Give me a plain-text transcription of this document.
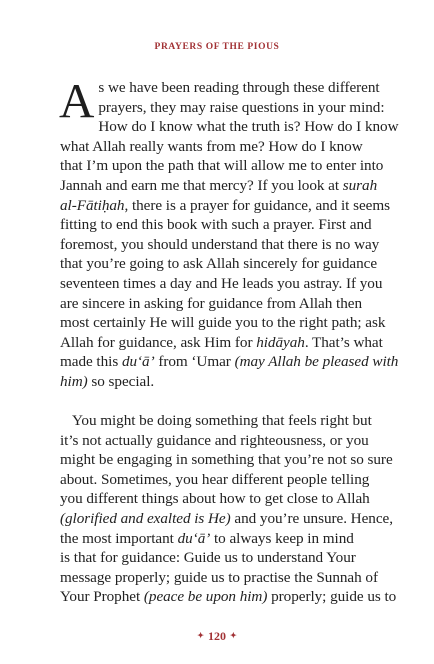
PRAYERS OF THE PIOUS

A s we have been reading through these different
prayers, they may raise questions in your mind:
How do I know what the truth is? How do I know
what Allah really wants from me? How do I know
that I’m upon the path that will allow me to enter into
Jannah and earn me that mercy? If you look at surah
al-Fātiḥah, there is a prayer for guidance, and it seems
fitting to end this book with such a prayer. First and
foremost, you should understand that there is no way
that you’re going to ask Allah sincerely for guidance
seventeen times a day and He leads you astray. If you
are sincere in asking for guidance from Allah then
most certainly He will guide you to the right path; ask
Allah for guidance, ask Him for hidāyah. That’s what
made this du‘ā’ from ‘Umar (may Allah be pleased with
him) so special.

You might be doing something that feels right but
it’s not actually guidance and righteousness, or you
might be engaging in something that you’re not so sure
about. Sometimes, you hear different people telling
you different things about how to get close to Allah
(glorified and exalted is He) and you’re unsure. Hence,
the most important du‘ā’ to always keep in mind
is that for guidance: Guide us to understand Your
message properly; guide us to practise the Sunnah of
Your Prophet (peace be upon him) properly; guide us to

✦ 120 ✦
